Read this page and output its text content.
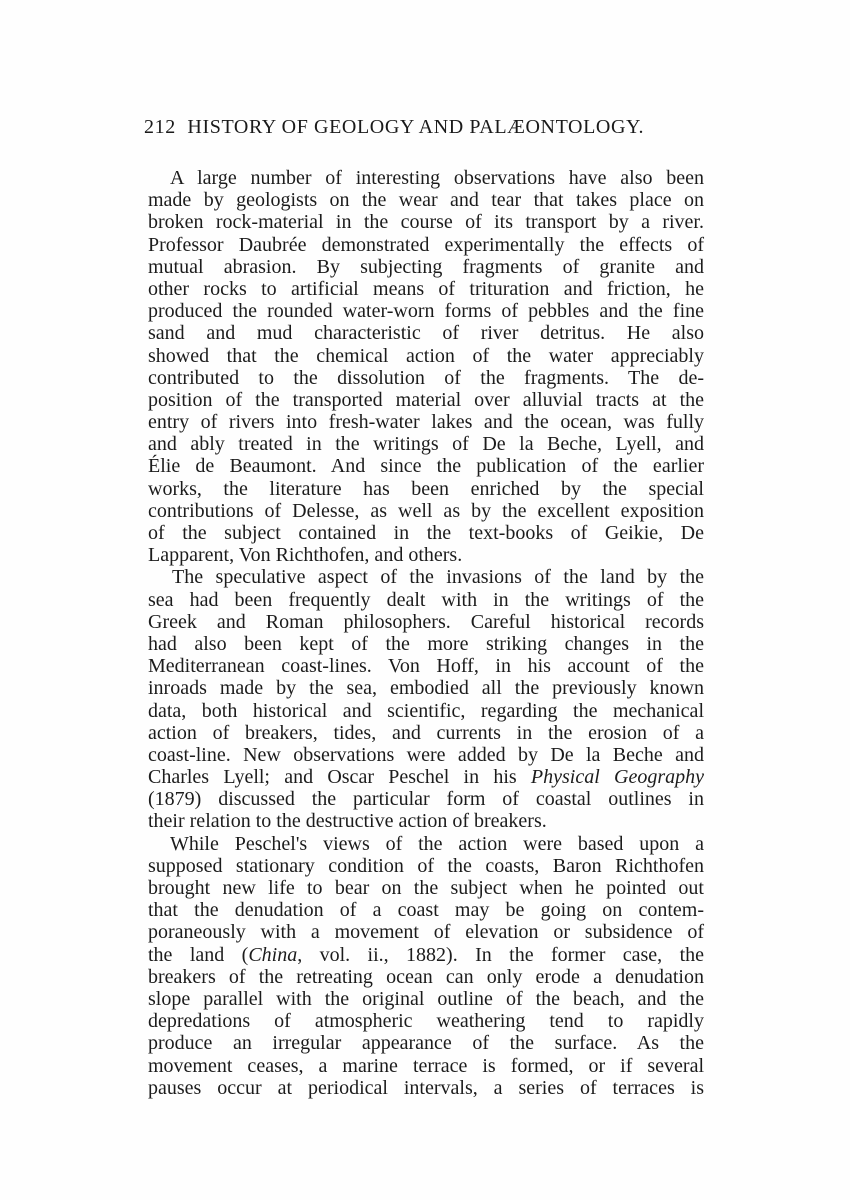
212 HISTORY OF GEOLOGY AND PALÆONTOLOGY.
A large number of interesting observations have also been
made by geologists on the wear and tear that takes place on
broken rock-material in the course of its transport by a river.
Professor Daubrée demonstrated experimentally the effects of
mutual abrasion. By subjecting fragments of granite and
other rocks to artificial means of trituration and friction, he
produced the rounded water-worn forms of pebbles and the fine
sand and mud characteristic of river detritus. He also
showed that the chemical action of the water appreciably
contributed to the dissolution of the fragments. The de-
position of the transported material over alluvial tracts at the
entry of rivers into fresh-water lakes and the ocean, was fully
and ably treated in the writings of De la Beche, Lyell, and
Élie de Beaumont. And since the publication of the earlier
works, the literature has been enriched by the special
contributions of Delesse, as well as by the excellent exposition
of the subject contained in the text-books of Geikie, De
Lapparent, Von Richthofen, and others.
The speculative aspect of the invasions of the land by the
sea had been frequently dealt with in the writings of the
Greek and Roman philosophers. Careful historical records
had also been kept of the more striking changes in the
Mediterranean coast-lines. Von Hoff, in his account of the
inroads made by the sea, embodied all the previously known
data, both historical and scientific, regarding the mechanical
action of breakers, tides, and currents in the erosion of a
coast-line. New observations were added by De la Beche and
Charles Lyell; and Oscar Peschel in his Physical Geography
(1879) discussed the particular form of coastal outlines in
their relation to the destructive action of breakers.
While Peschel's views of the action were based upon a
supposed stationary condition of the coasts, Baron Richthofen
brought new life to bear on the subject when he pointed out
that the denudation of a coast may be going on contem-
poraneously with a movement of elevation or subsidence of
the land (China, vol. ii., 1882). In the former case, the
breakers of the retreating ocean can only erode a denudation
slope parallel with the original outline of the beach, and the
depredations of atmospheric weathering tend to rapidly
produce an irregular appearance of the surface. As the
movement ceases, a marine terrace is formed, or if several
pauses occur at periodical intervals, a series of terraces is
